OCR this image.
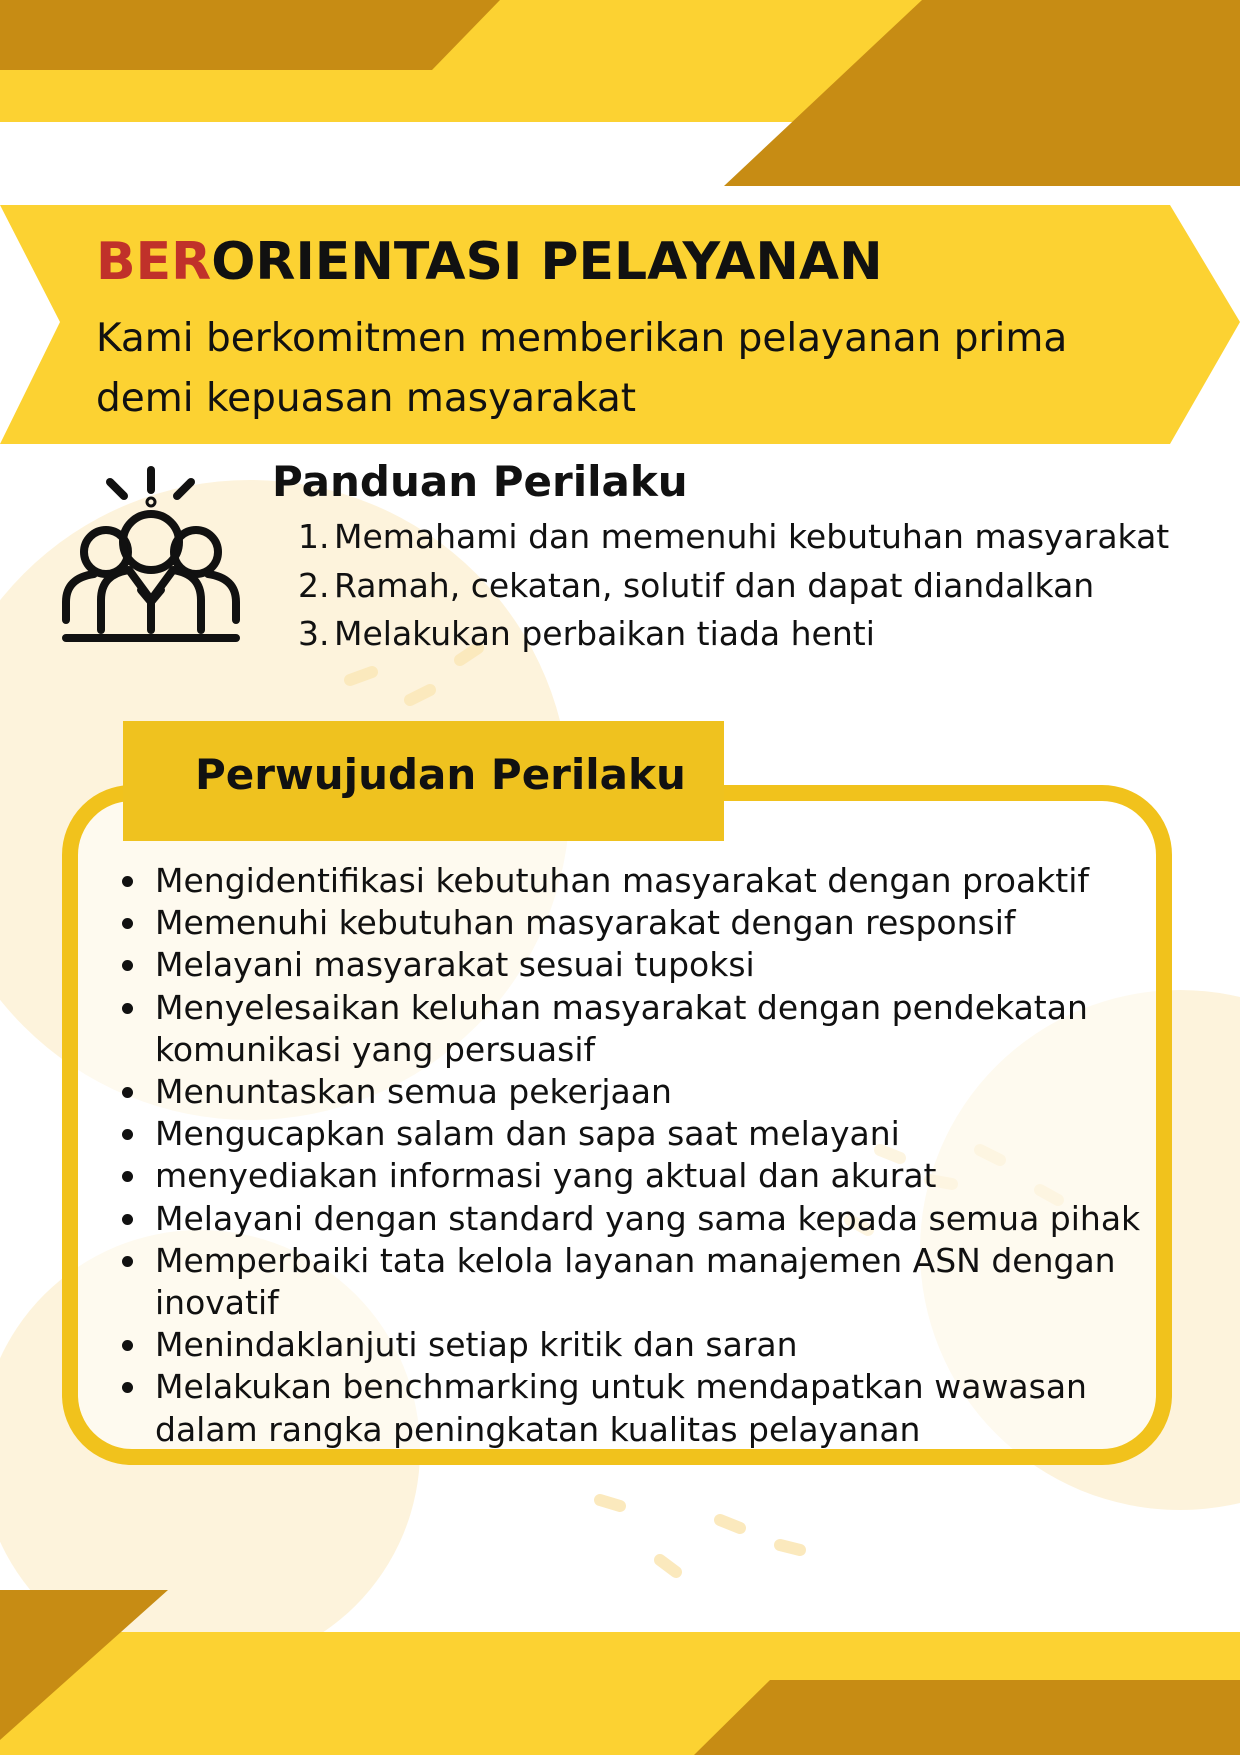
BERORIENTASI PELAYANAN
Kami berkomitmen memberikan pelayanan prima demi kepuasan masyarakat
Panduan Perilaku
1. Memahami dan memenuhi kebutuhan masyarakat
2. Ramah, cekatan, solutif dan dapat diandalkan
3. Melakukan perbaikan tiada henti
Perwujudan Perilaku
Mengidentifikasi kebutuhan masyarakat dengan proaktif
Memenuhi kebutuhan masyarakat dengan responsif
Melayani masyarakat sesuai tupoksi
Menyelesaikan keluhan masyarakat dengan pendekatan komunikasi yang persuasif
Menuntaskan semua pekerjaan
Mengucapkan salam dan sapa saat melayani
menyediakan informasi yang aktual dan akurat
Melayani dengan standard yang sama kepada semua pihak
Memperbaiki tata kelola layanan manajemen ASN dengan inovatif
Menindaklanjuti setiap kritik dan saran
Melakukan benchmarking untuk mendapatkan wawasan dalam rangka peningkatan kualitas pelayanan
